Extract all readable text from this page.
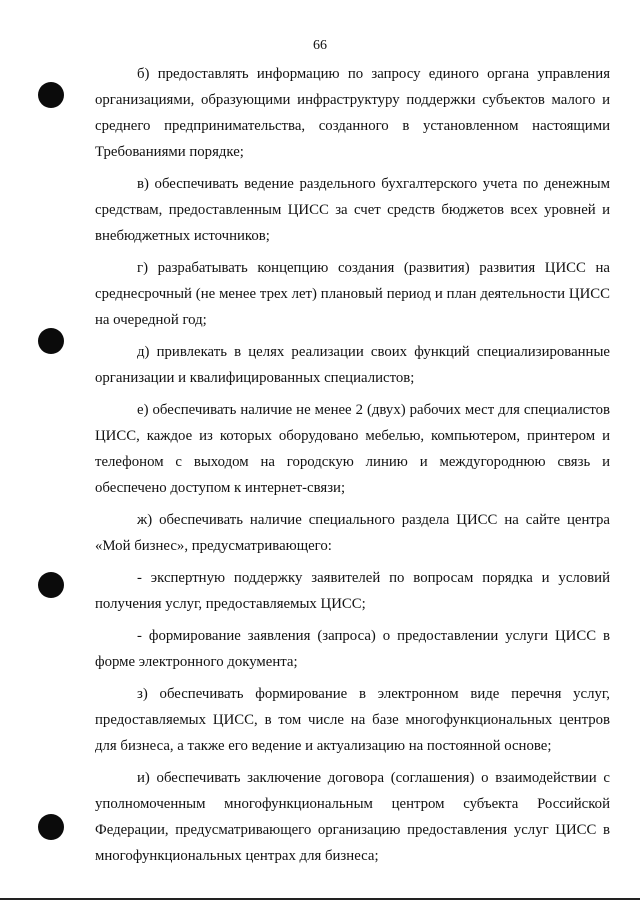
66

б) предоставлять информацию по запросу единого органа управления организациями, образующими инфраструктуру поддержки субъектов малого и среднего предпринимательства, созданного в установленном настоящими Требованиями порядке;

в) обеспечивать ведение раздельного бухгалтерского учета по денежным средствам, предоставленным ЦИСС за счет средств бюджетов всех уровней и внебюджетных источников;

г) разрабатывать концепцию создания (развития) развития ЦИСС на среднесрочный (не менее трех лет) плановый период и план деятельности ЦИСС на очередной год;

д) привлекать в целях реализации своих функций специализированные организации и квалифицированных специалистов;

е) обеспечивать наличие не менее 2 (двух) рабочих мест для специалистов ЦИСС, каждое из которых оборудовано мебелью, компьютером, принтером и телефоном с выходом на городскую линию и междугороднюю связь и обеспечено доступом к интернет-связи;

ж) обеспечивать наличие специального раздела ЦИСС на сайте центра «Мой бизнес», предусматривающего:

- экспертную поддержку заявителей по вопросам порядка и условий получения услуг, предоставляемых ЦИСС;

- формирование заявления (запроса) о предоставлении услуги ЦИСС в форме электронного документа;

з) обеспечивать формирование в электронном виде перечня услуг, предоставляемых ЦИСС, в том числе на базе многофункциональных центров для бизнеса, а также его ведение и актуализацию на постоянной основе;

и) обеспечивать заключение договора (соглашения) о взаимодействии с уполномоченным многофункциональным центром субъекта Российской Федерации, предусматривающего организацию предоставления услуг ЦИСС в многофункциональных центрах для бизнеса;
